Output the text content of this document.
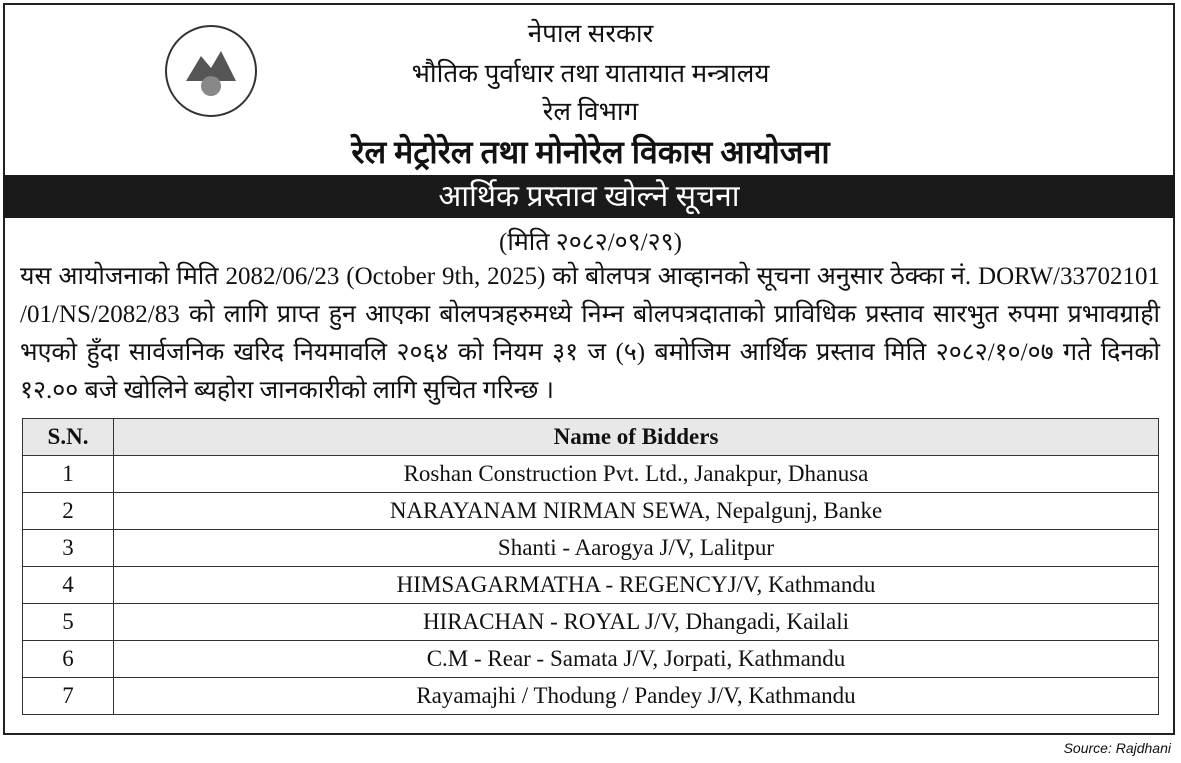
नेपाल सरकार
भौतिक पुर्वाधार तथा यातायात मन्त्रालय
रेल विभाग
रेल मेट्रोरेल तथा मोनोरेल विकास आयोजना
आर्थिक प्रस्ताव खोल्ने सूचना
(मिति २०८२/०९/२९)
यस आयोजनाको मिति 2082/06/23 (October 9th, 2025) को बोलपत्र आव्हानको सूचना अनुसार ठेक्का नं. DORW/33702101 /01/NS/2082/83 को लागि प्राप्त हुन आएका बोलपत्रहरुमध्ये निम्न बोलपत्रदाताको प्राविधिक प्रस्ताव सारभुत रुपमा प्रभावग्राही भएको हुँदा सार्वजनिक खरिद नियमावलि २०६४ को नियम ३१ ज (५) बमोजिम आर्थिक प्रस्ताव मिति २०८२/१०/०७ गते दिनको १२.०० बजे खोलिने ब्यहोरा जानकारीको लागि सुचित गरिन्छ ।
S.N.	Name of Bidders
1	Roshan Construction Pvt. Ltd., Janakpur, Dhanusa
2	NARAYANAM NIRMAN SEWA, Nepalgunj, Banke
3	Shanti - Aarogya J/V, Lalitpur
4	HIMSAGARMATHA - REGENCYJ/V, Kathmandu
5	HIRACHAN - ROYAL J/V, Dhangadi, Kailali
6	C.M - Rear - Samata J/V, Jorpati, Kathmandu
7	Rayamajhi / Thodung / Pandey J/V, Kathmandu
Source: Rajdhani
